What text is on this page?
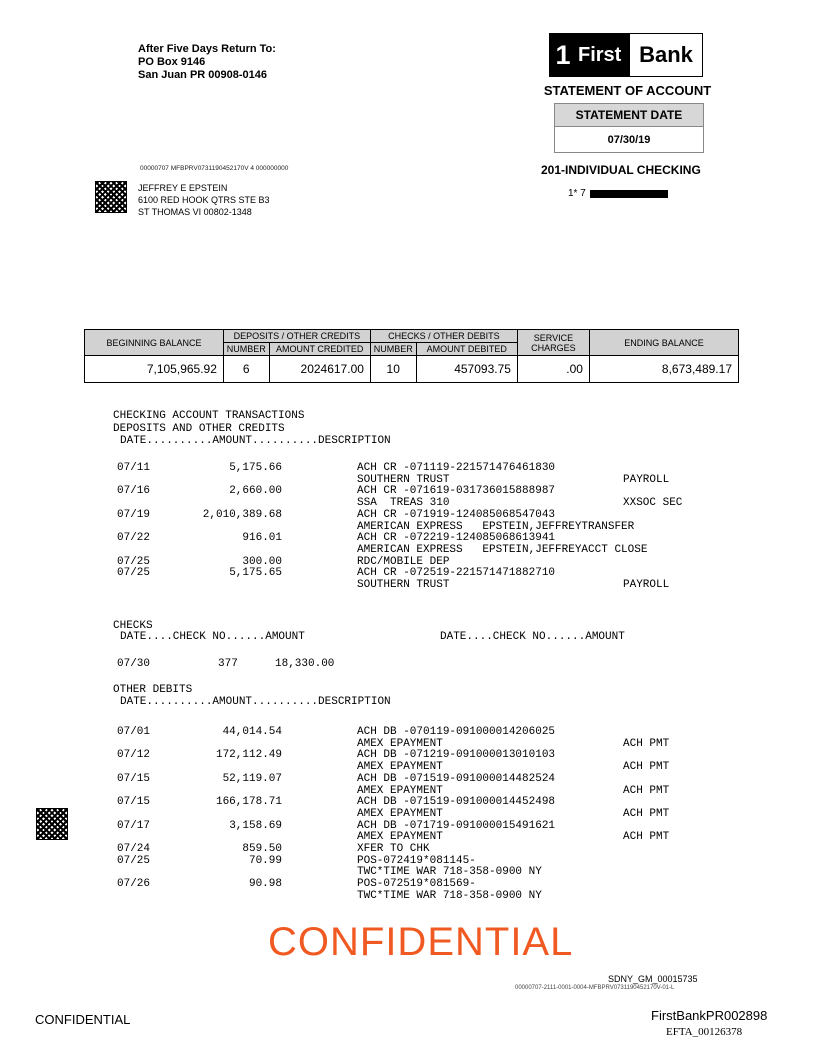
After Five Days Return To:
PO Box 9146
San Juan PR 00908-0146
1 First Bank
STATEMENT OF ACCOUNT
STATEMENT DATE
07/30/19
00000707 MFBPRV0731190452170V 4 000000000
JEFFREY E EPSTEIN
6100 RED HOOK QTRS STE B3
ST THOMAS VI 00802-1348
201-INDIVIDUAL CHECKING
1* 7
BEGINNING BALANCE	DEPOSITS / OTHER CREDITS		CHECKS / OTHER DEBITS		SERVICE CHARGES	ENDING BALANCE
	NUMBER	AMOUNT CREDITED	NUMBER	AMOUNT DEBITED		
7,105,965.92	6	2024617.00	10	457093.75	.00	8,673,489.17
CHECKING ACCOUNT TRANSACTIONS
DEPOSITS AND OTHER CREDITS
DATE..........AMOUNT..........DESCRIPTION
07/11	5,175.66	ACH CR -071119-221571476461830
SOUTHERN TRUST	PAYROLL
07/16	2,660.00	ACH CR -071619-031736015888987
SSA  TREAS 310	XXSOC SEC
07/19	2,010,389.68	ACH CR -071919-124085068547043
AMERICAN EXPRESS   EPSTEIN,JEFFREYTRANSFER
07/22	916.01	ACH CR -072219-124085068613941
AMERICAN EXPRESS   EPSTEIN,JEFFREYACCT CLOSE
07/25	300.00	RDC/MOBILE DEP
07/25	5,175.65	ACH CR -072519-221571471882710
SOUTHERN TRUST	PAYROLL
CHECKS
DATE....CHECK NO......AMOUNT	DATE....CHECK NO......AMOUNT
07/30	377	18,330.00
OTHER DEBITS
DATE..........AMOUNT..........DESCRIPTION
07/01	44,014.54	ACH DB -070119-091000014206025
AMEX EPAYMENT	ACH PMT
07/12	172,112.49	ACH DB -071219-091000013010103
AMEX EPAYMENT	ACH PMT
07/15	52,119.07	ACH DB -071519-091000014482524
AMEX EPAYMENT	ACH PMT
07/15	166,178.71	ACH DB -071519-091000014452498
AMEX EPAYMENT	ACH PMT
07/17	3,158.69	ACH DB -071719-091000015491621
AMEX EPAYMENT	ACH PMT
07/24	859.50	XFER TO CHK
07/25	70.99	POS-072419*081145-
TWC*TIME WAR 718-358-0900 NY
07/26	90.98	POS-072519*081569-
TWC*TIME WAR 718-358-0900 NY
CONFIDENTIAL
SDNY_GM_00015735
00000707-2111-0001-0004-MFBPRV0731190452170V-01-L
CONFIDENTIAL	FirstBankPR002898
EFTA_00126378
